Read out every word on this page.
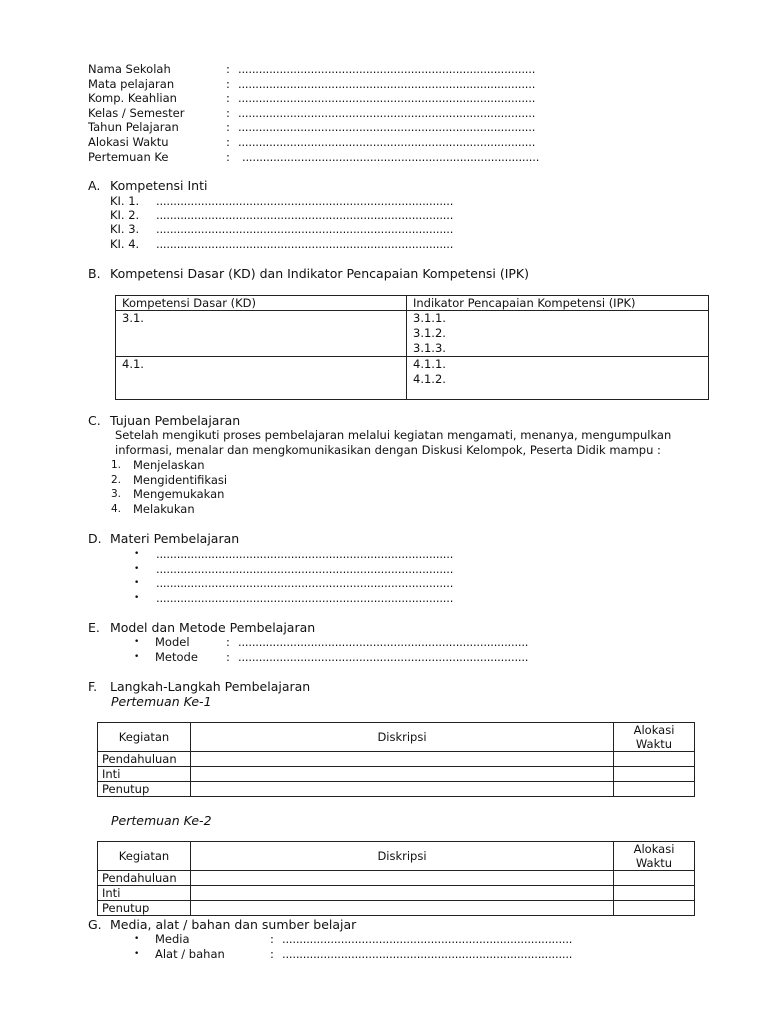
Nama Sekolah	: ......................................................................................
Mata pelajaran	: ......................................................................................
Komp. Keahlian	: ......................................................................................
Kelas / Semester	: ......................................................................................
Tahun Pelajaran	: ......................................................................................
Alokasi Waktu	: ......................................................................................
Pertemuan Ke	: ......................................................................................
A. Kompetensi Inti
KI. 1. ......................................................................................
KI. 2. ......................................................................................
KI. 3. ......................................................................................
KI. 4. ......................................................................................
B. Kompetensi Dasar (KD) dan Indikator Pencapaian Kompetensi (IPK)
Kompetensi Dasar (KD)	Indikator Pencapaian Kompetensi (IPK)
3.1.	3.1.1.
3.1.2.
3.1.3.

4.1.	4.1.1.
4.1.2.
C. Tujuan Pembelajaran
Setelah mengikuti proses pembelajaran melalui kegiatan mengamati, menanya, mengumpulkan
informasi, menalar dan mengkomunikasikan dengan Diskusi Kelompok, Peserta Didik mampu :
1. Menjelaskan
2. Mengidentifikasi
3. Mengemukakan
4. Melakukan
D. Materi Pembelajaran
• ......................................................................................
• ......................................................................................
• ......................................................................................
• ......................................................................................
E. Model dan Metode Pembelajaran
• Model	: ....................................................................................
• Metode : ....................................................................................
F. Langkah-Langkah Pembelajaran
Pertemuan Ke-1
Kegiatan	Diskripsi	Alokasi
Waktu

Pendahuluan		
Inti		
Penutup		
Pertemuan Ke-2
Kegiatan	Diskripsi	Alokasi
Waktu

Pendahuluan		
Inti		
Penutup		
G. Media, alat / bahan dan sumber belajar
• Media	: ....................................................................................
• Alat / bahan	: ....................................................................................
